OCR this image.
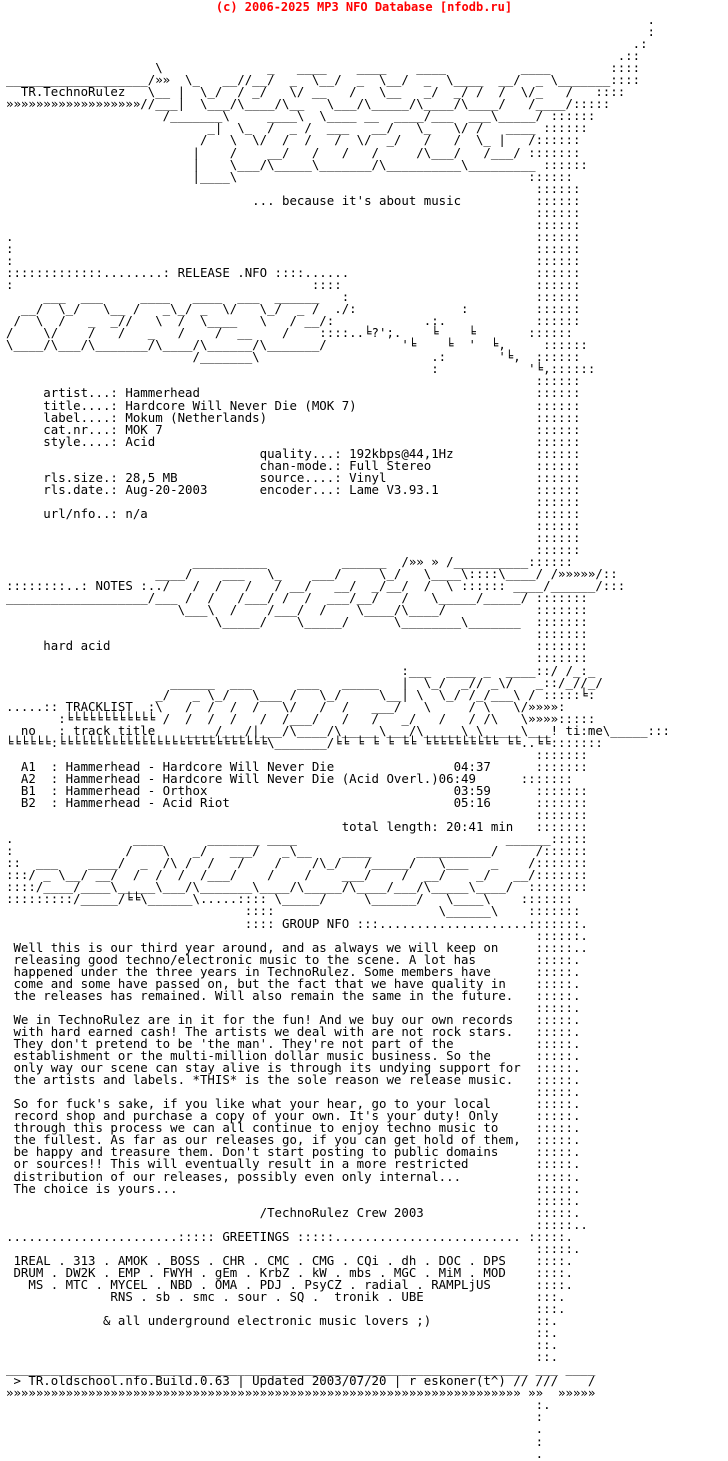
(c) 2006-2025 MP3 NFO Database [nfodb.ru]
.
:
.:
.::
\              _   ____    ____    ____          ____        ::::
___________________/»»  \_   __//__/  _  \__/  _  \__/  _  \____  __/  _ \_______::::
TR.TechnoRulez   \__ |  \_/  / _/   \/ __   /   \__   _/  _/ /  /  \/_   /   ::::
»»»»»»»»»»»»»»»»»»//___|  \___/\____/\__   \___/\_____/\____/\____/   /____/:::::
/_______\     ____\  \____ __  ____/___  ___\_____/ ::::::
_|  \_  /  _ /  ___   __/   \_   \/ /   ____ ::::::
/   \  \/  /  /   /  \/  _/   /   /  \_ |   /::::::
|    /    __/   /   /   /     /\___/   /___/ :::::::
|    \___/\_____\_______/\__________\_________ ::::::
|____\                                       ::::::
::::::
... because it's about music          ::::::
::::::
::::::
.                                                                      ::::::
:                                                                      ::::::
:                                                                      ::::::
:::::::::::::........: RELEASE .NFO ::::......                         ::::::
:                                        ::::                          ::::::
___  ___     ____   ____  ___  ______   :                         ::::::
__/  \_/   \__ /   _\_/ _  \/   \_/  _ /  ./:              :         ::::::
/  \  /   _  _//   \  /  \____   \   / __/:            .:.            ::::::
/    \/    /   /   _   /    /  __    /    ::::..╘?';.    ╘    ╘       ::::::
\____/\___/\_______/\____/\______/\_______/          '╘    ╘  '  ╘,     ::::::
/_______\                       .:       '╘,  ::::::
:            '╘,::::::
::::::
artist...: Hammerhead                                             ::::::
title....: Hardcore Will Never Die (MOK 7)                        ::::::
label....: Mokum (Netherlands)                                    ::::::
cat.nr...: MOK 7                                                  ::::::
style....: Acid                                                   ::::::
quality...: 192kbps@44,1Hz           ::::::
chan-mode.: Full Stereo              ::::::
rls.size.: 28,5 MB           source....: Vinyl                    ::::::
rls.date.: Aug-20-2003       encoder...: Lame V3.93.1             ::::::
::::::
url/nfo..: n/a                                                    ::::::
::::::
::::::
::::::
__________          ______  /»» » /__________::::::
____/    ___   \_    ___/     \_/   \____\::::\____/ /»»»»»/::
::::::::..: NOTES :../   /  /   /   / __/   __/  _/__/  /  \ :::::: ____/______/:::
___________________/___ /  /   /___/ /  /  ___/__/   /   \_____/_____/ :::::::
\___\  /    /___/  /    \____/\____/            :::::::
\_____/    \_____/      \________\_______  :::::::
:::::::
hard acid                                                         :::::::
:::::::
:___  ____ _  ____::/ /_:_
______  ___      ___   _____   |  \_/  _// _\/   _::/_//_/
_/   _ \_/   \___ /   \_/     \__| \  \_/ /_/___\ / :::::╘:
.....:: TRACKLIST  :\   /  /  /  /   \/   /  /   ___/   \     / \   \/»»»»:
:╘╘╘╘╘╘╘╘╘╘╘╘ /  /  /  /   /  /___/   /   /   _/   /   / /\   \»»»»:::::
no   : track title    ____/___/|___/\____/\_____\___/\_____\_\_____\___! ti:me\_____:::
╘╘╘╘╘╘:╘╘╘╘╘╘╘╘╘╘╘╘╘╘╘╘╘╘╘╘╘╘╘╘╘╘╘╘\_______/╘╘ ╘ ╘ ╘ ╘╘ ╘╘╘╘╘╘╘╘╘╘ ╘╘..╘╘:::::::
:::::::
A1  : Hammerhead - Hardcore Will Never Die                04:37      :::::::
A2  : Hammerhead - Hardcore Will Never Die (Acid Overl.)06:49      :::::::
B1  : Hammerhead - Orthox                                 03:59      :::::::
B2  : Hammerhead - Acid Riot                              05:16      :::::::
:::::::
total length: 20:41 min   :::::::
.                ____      _______ ____                            ______:::::
:               /    \   _/   ___/   _\__    ____      __________/     /::::::
::  ___    ____/  _  /\ /  /   /    /    /\_/   /_____/   \___   _    /:::::::
:::/ _ \__/ __/  /  /  /  /___/    /    /    ___/    /  __/    _/   __/:::::::
::::/____/____\_____\___/\_______\____/\_____/\____/___/\_____\____/  ::::::::
:::::::::/_____/╘╘\______\.....:::: \_____/     \______/   \____\    :::::::
::::                      \______\    :::::::
:::: GROUP NFO :::....................:::::::.
::::::.
Well this is our third year around, and as always we will keep on     :::::..
releasing good techno/electronic music to the scene. A lot has        :::::.
happened under the three years in TechnoRulez. Some members have      :::::.
come and some have passed on, but the fact that we have quality in    :::::.
the releases has remained. Will also remain the same in the future.   :::::.
:::::.
We in TechnoRulez are in it for the fun! And we buy our own records   :::::.
with hard earned cash! The artists we deal with are not rock stars.   :::::.
They don't pretend to be 'the man'. They're not part of the           :::::.
establishment or the multi-million dollar music business. So the      :::::.
only way our scene can stay alive is through its undying support for  :::::.
the artists and labels. *THIS* is the sole reason we release music.   :::::.
:::::.
So for fuck's sake, if you like what your hear, go to your local      :::::.
record shop and purchase a copy of your own. It's your duty! Only     :::::.
through this process we can all continue to enjoy techno music to     :::::.
the fullest. As far as our releases go, if you can get hold of them,  :::::.
be happy and treasure them. Don't start posting to public domains     :::::.
or sources!! This will eventually result in a more restricted         :::::.
distribution of our releases, possibly even only internal...          :::::.
The choice is yours...                                                :::::.
:::::.
/TechnoRulez Crew 2003               :::::.
:::::..
.......................::::: GREETINGS :::::......................... :::::.
:::::.
1REAL . 313 . AMOK . BOSS . CHR . CMC . CMG . CQi . dh . DOC . DPS    ::::.
DRUM . DW2K . EMP . FWYH . gEm . KrbZ . kW . mbs . MGC . MiM . MOD    ::::.
MS . MTC . MYCEL . NBD . OMA . PDJ . PsyCZ . radial . RAMPLjUS      ::::.
RNS . sb . smc . sour . SQ .  tronik . UBE               :::.
:::.
& all underground electronic music lovers ;)              ::.
::.
::.
::.
______________________________________________________________________ ___ ____
> TR.oldschool.nfo.Build.0.63 | Updated 2003/07/20 | r eskoner(t^) // ///    /
»»»»»»»»»»»»»»»»»»»»»»»»»»»»»»»»»»»»»»»»»»»»»»»»»»»»»»»»»»»»»»»»»»»»» »»  »»»»»
:.
:
.
:
.
